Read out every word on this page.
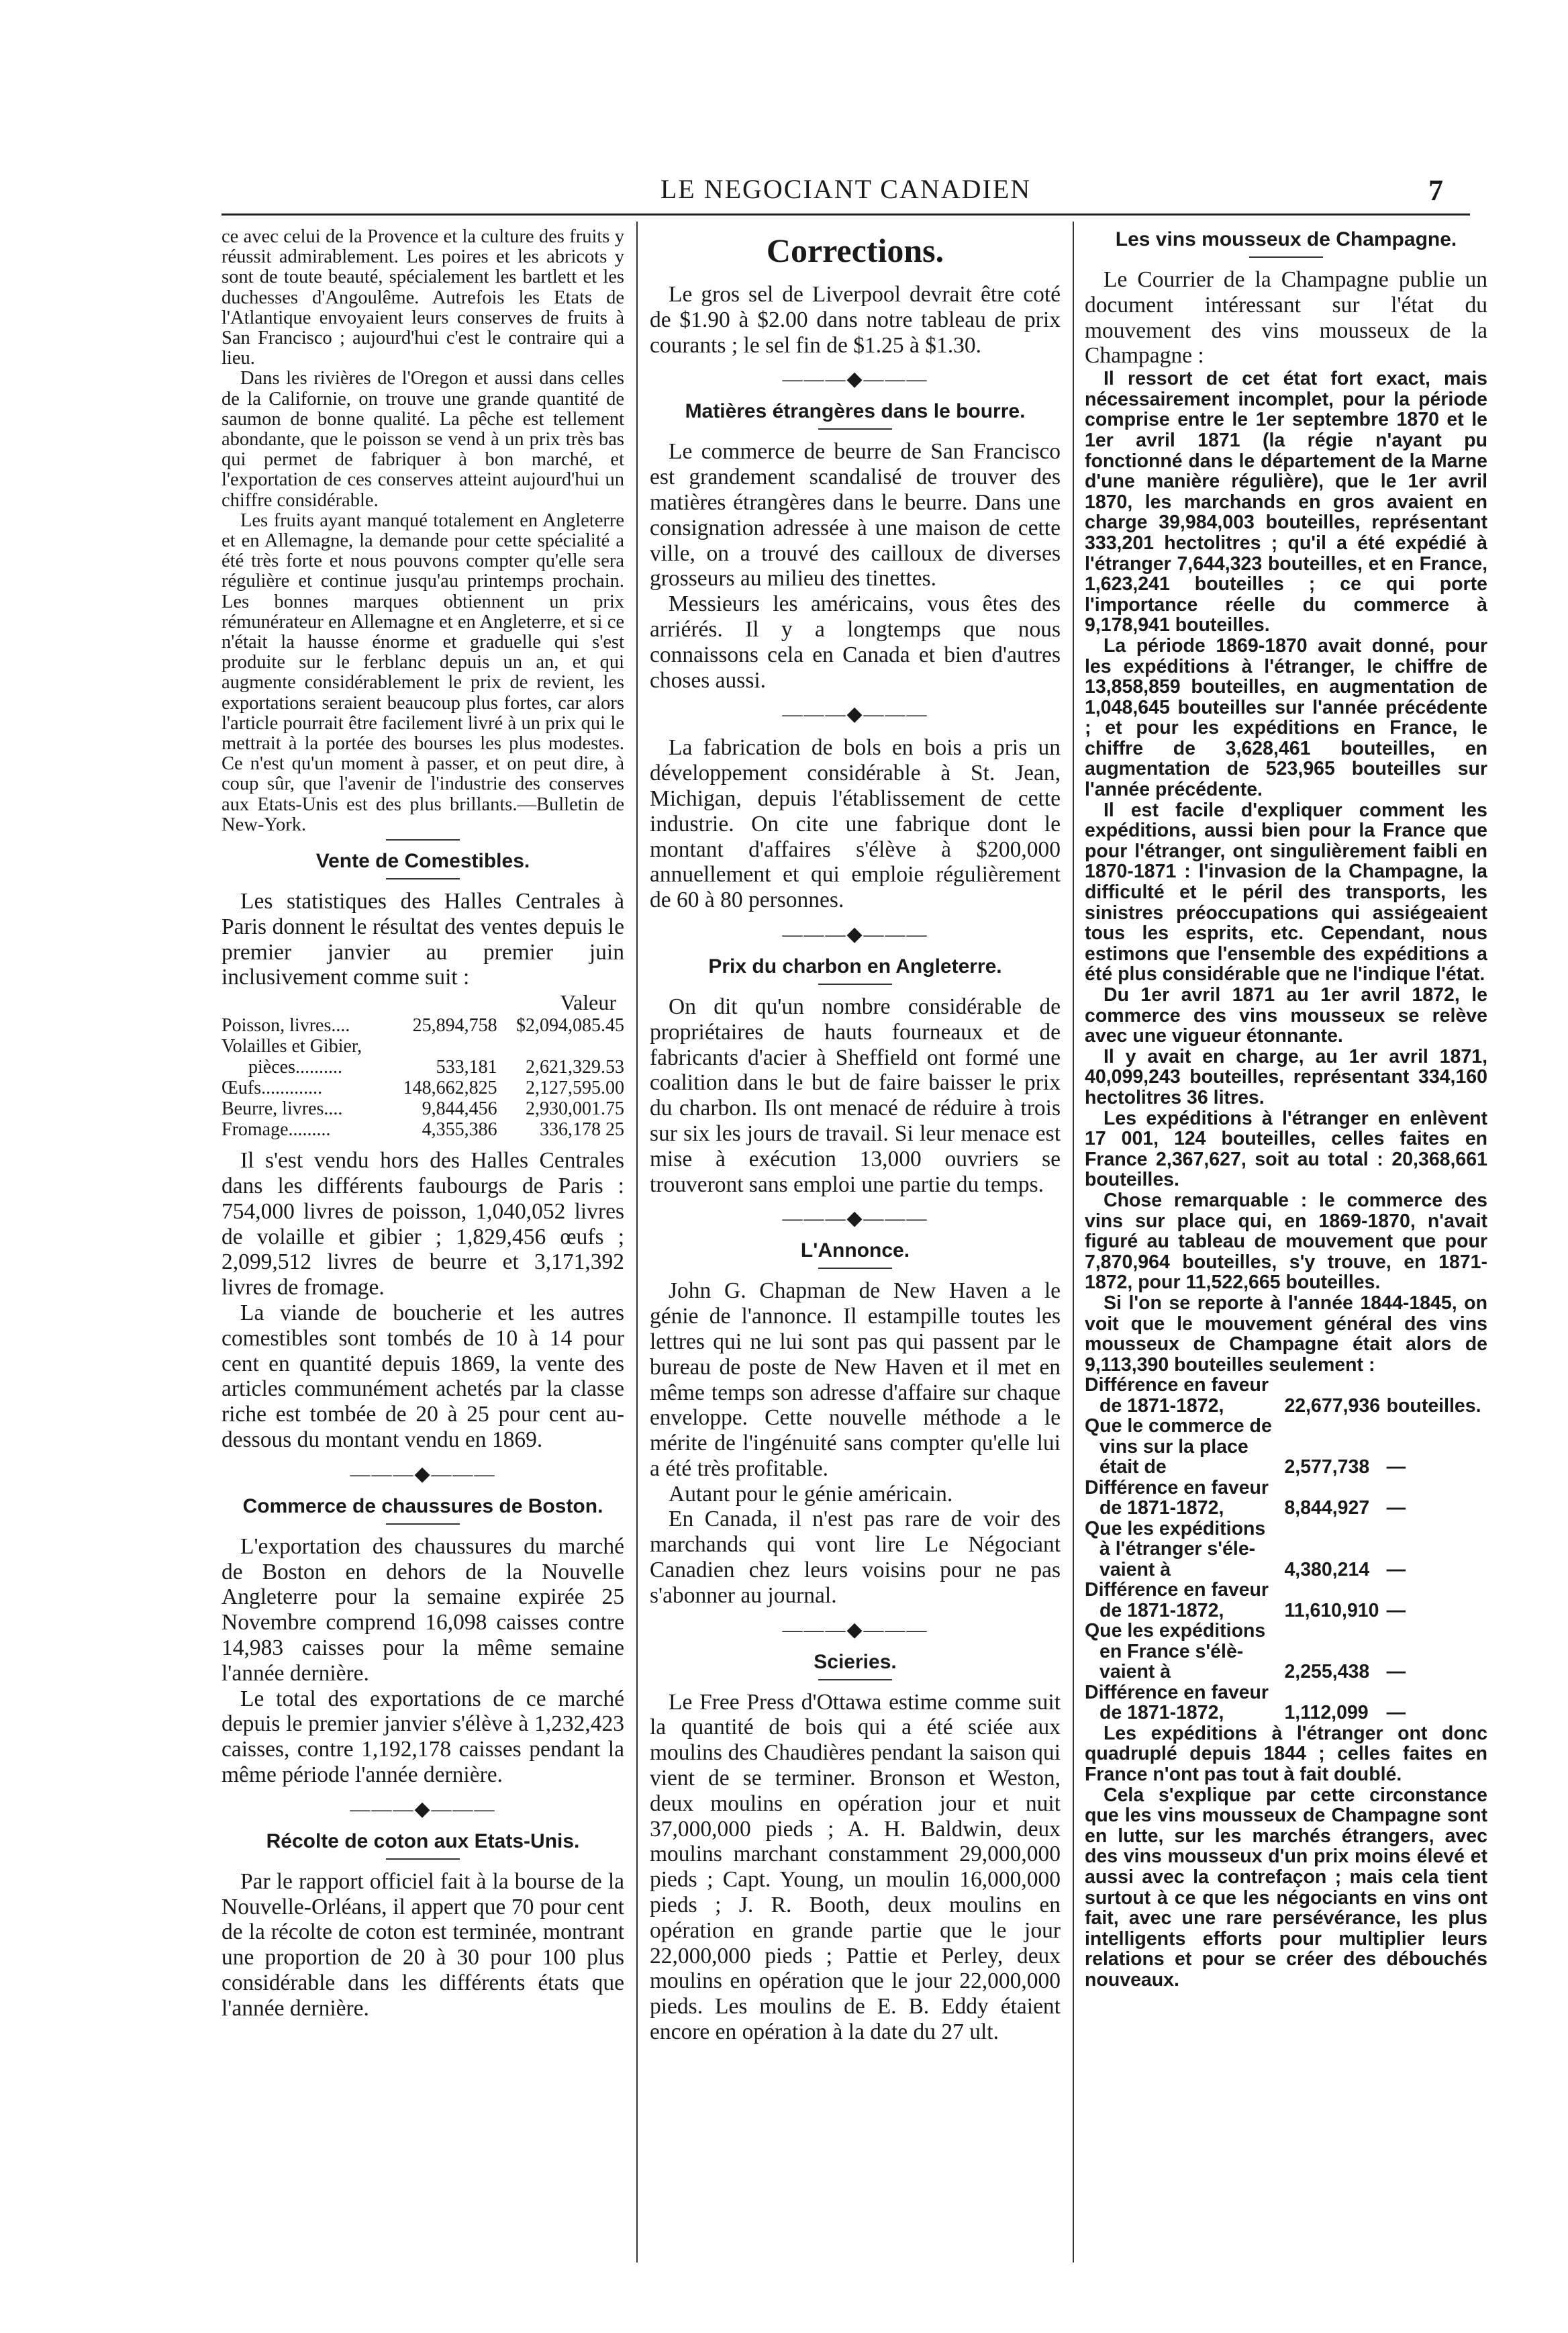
LE NEGOCIANT CANADIEN	7

ce avec celui de la Provence et la culture des fruits y réussit admirablement. Les poires et les abricots y sont de toute beauté, spécialement les bartlett et les duchesses d'Angoulême. Autrefois les Etats de l'Atlantique envoyaient leurs conserves de fruits à San Francisco ; aujourd'hui c'est le contraire qui a lieu.

Dans les rivières de l'Oregon et aussi dans celles de la Californie, on trouve une grande quantité de saumon de bonne qualité. La pêche est tellement abondante, que le poisson se vend à un prix très bas qui permet de fabriquer à bon marché, et l'exportation de ces conserves atteint aujourd'hui un chiffre considérable.

Les fruits ayant manqué totalement en Angleterre et en Allemagne, la demande pour cette spécialité a été très forte et nous pouvons compter qu'elle sera régulière et continue jusqu'au printemps prochain. Les bonnes marques obtiennent un prix rémunérateur en Allemagne et en Angleterre, et si ce n'était la hausse énorme et graduelle qui s'est produite sur le ferblanc depuis un an, et qui augmente considérablement le prix de revient, les exportations seraient beaucoup plus fortes, car alors l'article pourrait être facilement livré à un prix qui le mettrait à la portée des bourses les plus modestes. Ce n'est qu'un moment à passer, et on peut dire, à coup sûr, que l'avenir de l'industrie des conserves aux Etats-Unis est des plus brillants.—Bulletin de New-York.

Vente de Comestibles.

Les statistiques des Halles Centrales à Paris donnent le résultat des ventes depuis le premier janvier au premier juin inclusivement comme suit :

Valeur
Poisson, livres....	25,894,758	$2,094,085.45
Volailles et Gibier,		
pièces..........	533,181	2,621,329.53
Œufs.............	148,662,825	2,127,595.00
Beurre, livres....	9,844,456	2,930,001.75
Fromage.........	4,355,386	336,178 25

Il s'est vendu hors des Halles Centrales dans les différents faubourgs de Paris : 754,000 livres de poisson, 1,040,052 livres de volaille et gibier ; 1,829,456 œufs ; 2,099,512 livres de beurre et 3,171,392 livres de fromage.

La viande de boucherie et les autres comestibles sont tombés de 10 à 14 pour cent en quantité depuis 1869, la vente des articles communément achetés par la classe riche est tombée de 20 à 25 pour cent au-dessous du montant vendu en 1869.

———◆———
Commerce de chaussures de Boston.

L'exportation des chaussures du marché de Boston en dehors de la Nouvelle Angleterre pour la semaine expirée 25 Novembre comprend 16,098 caisses contre 14,983 caisses pour la même semaine l'année dernière.

Le total des exportations de ce marché depuis le premier janvier s'élève à 1,232,423 caisses, contre 1,192,178 caisses pendant la même période l'année dernière.

———◆———
Récolte de coton aux Etats-Unis.

Par le rapport officiel fait à la bourse de la Nouvelle-Orléans, il appert que 70 pour cent de la récolte de coton est terminée, montrant une proportion de 20 à 30 pour 100 plus considérable dans les différents états que l'année dernière.

Corrections.

Le gros sel de Liverpool devrait être coté de $1.90 à $2.00 dans notre tableau de prix courants ; le sel fin de $1.25 à $1.30.

———◆———
Matières étrangères dans le bourre.

Le commerce de beurre de San Francisco est grandement scandalisé de trouver des matières étrangères dans le beurre. Dans une consignation adressée à une maison de cette ville, on a trouvé des cailloux de diverses grosseurs au milieu des tinettes.

Messieurs les américains, vous êtes des arriérés. Il y a longtemps que nous connaissons cela en Canada et bien d'autres choses aussi.

———◆———

La fabrication de bols en bois a pris un développement considérable à St. Jean, Michigan, depuis l'établissement de cette industrie. On cite une fabrique dont le montant d'affaires s'élève à $200,000 annuellement et qui emploie régulièrement de 60 à 80 personnes.

———◆———
Prix du charbon en Angleterre.

On dit qu'un nombre considérable de propriétaires de hauts fourneaux et de fabricants d'acier à Sheffield ont formé une coalition dans le but de faire baisser le prix du charbon. Ils ont menacé de réduire à trois sur six les jours de travail. Si leur menace est mise à exécution 13,000 ouvriers se trouveront sans emploi une partie du temps.

———◆———
L'Annonce.

John G. Chapman de New Haven a le génie de l'annonce. Il estampille toutes les lettres qui ne lui sont pas qui passent par le bureau de poste de New Haven et il met en même temps son adresse d'affaire sur chaque enveloppe. Cette nouvelle méthode a le mérite de l'ingénuité sans compter qu'elle lui a été très profitable.

Autant pour le génie américain.

En Canada, il n'est pas rare de voir des marchands qui vont lire Le Négociant Canadien chez leurs voisins pour ne pas s'abonner au journal.

———◆———
Scieries.

Le Free Press d'Ottawa estime comme suit la quantité de bois qui a été sciée aux moulins des Chaudières pendant la saison qui vient de se terminer. Bronson et Weston, deux moulins en opération jour et nuit 37,000,000 pieds ; A. H. Baldwin, deux moulins marchant constamment 29,000,000 pieds ; Capt. Young, un moulin 16,000,000 pieds ; J. R. Booth, deux moulins en opération en grande partie que le jour 22,000,000 pieds ; Pattie et Perley, deux moulins en opération que le jour 22,000,000 pieds. Les moulins de E. B. Eddy étaient encore en opération à la date du 27 ult.

Les vins mousseux de Champagne.

Le Courrier de la Champagne publie un document intéressant sur l'état du mouvement des vins mousseux de la Champagne :

Il ressort de cet état fort exact, mais nécessairement incomplet, pour la période comprise entre le 1er septembre 1870 et le 1er avril 1871 (la régie n'ayant pu fonctionné dans le département de la Marne d'une manière régulière), que le 1er avril 1870, les marchands en gros avaient en charge 39,984,003 bouteilles, représentant 333,201 hectolitres ; qu'il a été expédié à l'étranger 7,644,323 bouteilles, et en France, 1,623,241 bouteilles ; ce qui porte l'importance réelle du commerce à 9,178,941 bouteilles.

La période 1869-1870 avait donné, pour les expéditions à l'étranger, le chiffre de 13,858,859 bouteilles, en augmentation de 1,048,645 bouteilles sur l'année précédente ; et pour les expéditions en France, le chiffre de 3,628,461 bouteilles, en augmentation de 523,965 bouteilles sur l'année précédente.

Il est facile d'expliquer comment les expéditions, aussi bien pour la France que pour l'étranger, ont singulièrement faibli en 1870-1871 : l'invasion de la Champagne, la difficulté et le péril des transports, les sinistres préoccupations qui assiégeaient tous les esprits, etc. Cependant, nous estimons que l'ensemble des expéditions a été plus considérable que ne l'indique l'état.

Du 1er avril 1871 au 1er avril 1872, le commerce des vins mousseux se relève avec une vigueur étonnante.

Il y avait en charge, au 1er avril 1871, 40,099,243 bouteilles, représentant 334,160 hectolitres 36 litres.

Les expéditions à l'étranger en enlèvent 17 001, 124 bouteilles, celles faites en France 2,367,627, soit au total : 20,368,661 bouteilles.

Chose remarquable : le commerce des vins sur place qui, en 1869-1870, n'avait figuré au tableau de mouvement que pour 7,870,964 bouteilles, s'y trouve, en 1871-1872, pour 11,522,665 bouteilles.

Si l'on se reporte à l'année 1844-1845, on voit que le mouvement général des vins mousseux de Champagne était alors de 9,113,390 bouteilles seulement :

Différence en faveur
de 1871-1872,	22,677,936	bouteilles.

Que le commerce de
vins sur la place
était de	2,577,738	—

Différence en faveur
de 1871-1872,	8,844,927	—

Que les expéditions
à l'étranger s'éle-
vaient à	4,380,214	—

Différence en faveur
de 1871-1872,	11,610,910	—

Que les expéditions
en France s'élè-
vaient à	2,255,438	—

Différence en faveur
de 1871-1872,	1,112,099	—

Les expéditions à l'étranger ont donc quadruplé depuis 1844 ; celles faites en France n'ont pas tout à fait doublé.

Cela s'explique par cette circonstance que les vins mousseux de Champagne sont en lutte, sur les marchés étrangers, avec des vins mousseux d'un prix moins élevé et aussi avec la contrefaçon ; mais cela tient surtout à ce que les négociants en vins ont fait, avec une rare persévérance, les plus intelligents efforts pour multiplier leurs relations et pour se créer des débouchés nouveaux.
